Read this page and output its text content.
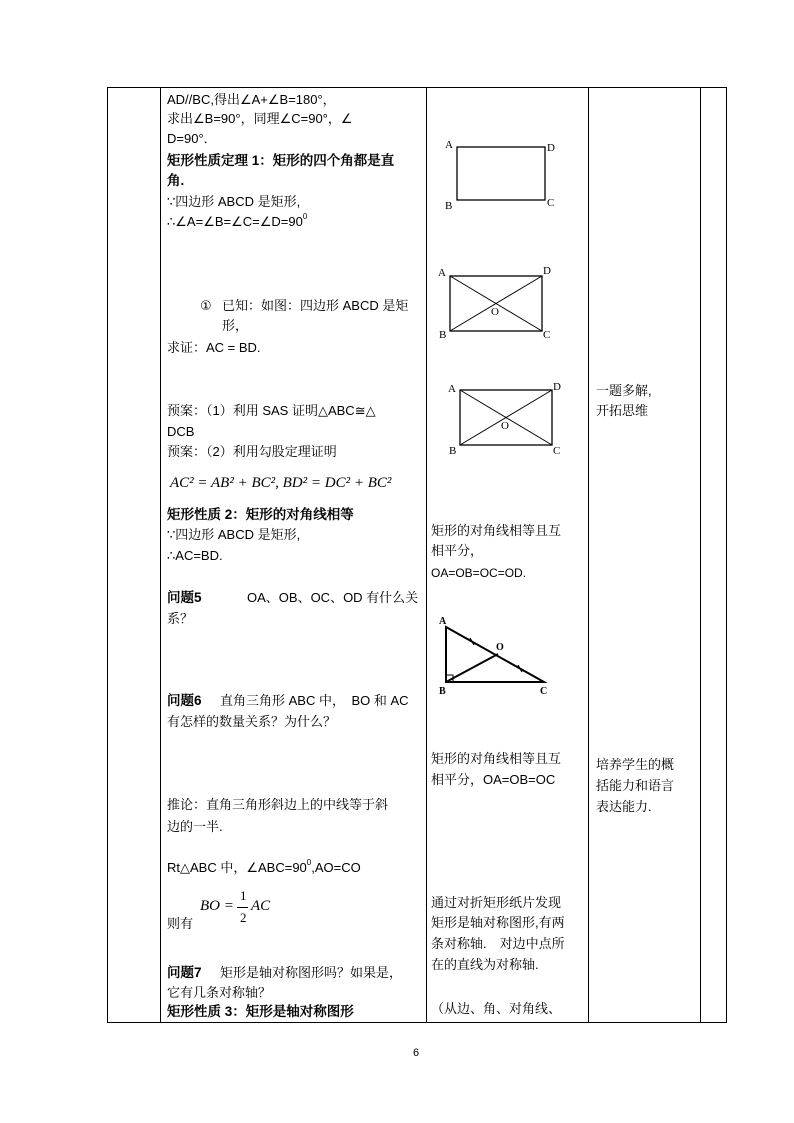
AD//BC,得出∠A+∠B=180°，
求出∠B=90°，同理∠C=90°，∠
D=90°．
矩形性质定理 1：矩形的四个角都是直
角.
∵四边形 ABCD 是矩形,
$\therefore\angle A=\angle B=\angle C=\angle D=90^0$
① 已知：如图：四边形 ABCD 是矩
形，
求证：AC = BD.
预案：（1）利用 SAS 证明△ABC≅△
DCB
预案：（2）利用勾股定理证明
AC² = AB² + BC², BD² = DC² + BC²
矩形性质 2：矩形的对角线相等
∵四边形 ABCD 是矩形,
∴AC=BD.
问题5	OA、OB、OC、OD 有什么关
系？
问题6 直角三角形 ABC 中，　BO 和 AC
有怎样的数量关系？为什么？
推论：直角三角形斜边上的中线等于斜
边的一半.
Rt△ABC 中，$\angle ABC=90^0,AO=CO$
BO =
1
2
AC
则有
问题7 矩形是轴对称图形吗？如果是，
它有几条对称轴？
矩形性质 3：矩形是轴对称图形
A	D
B	C
A	D
B	C
O
A	D
B	C
O
矩形的对角线相等且互
相平分，
OA=OB=OC=OD.
A
O
B	C
矩形的对角线相等且互
相平分，OA=OB=OC
通过对折矩形纸片发现
矩形是轴对称图形,有两
条对称轴.　对边中点所
在的直线为对称轴.
（从边、角、对角线、
一题多解,
开拓思维
培养学生的概
括能力和语言
表达能力.
6
